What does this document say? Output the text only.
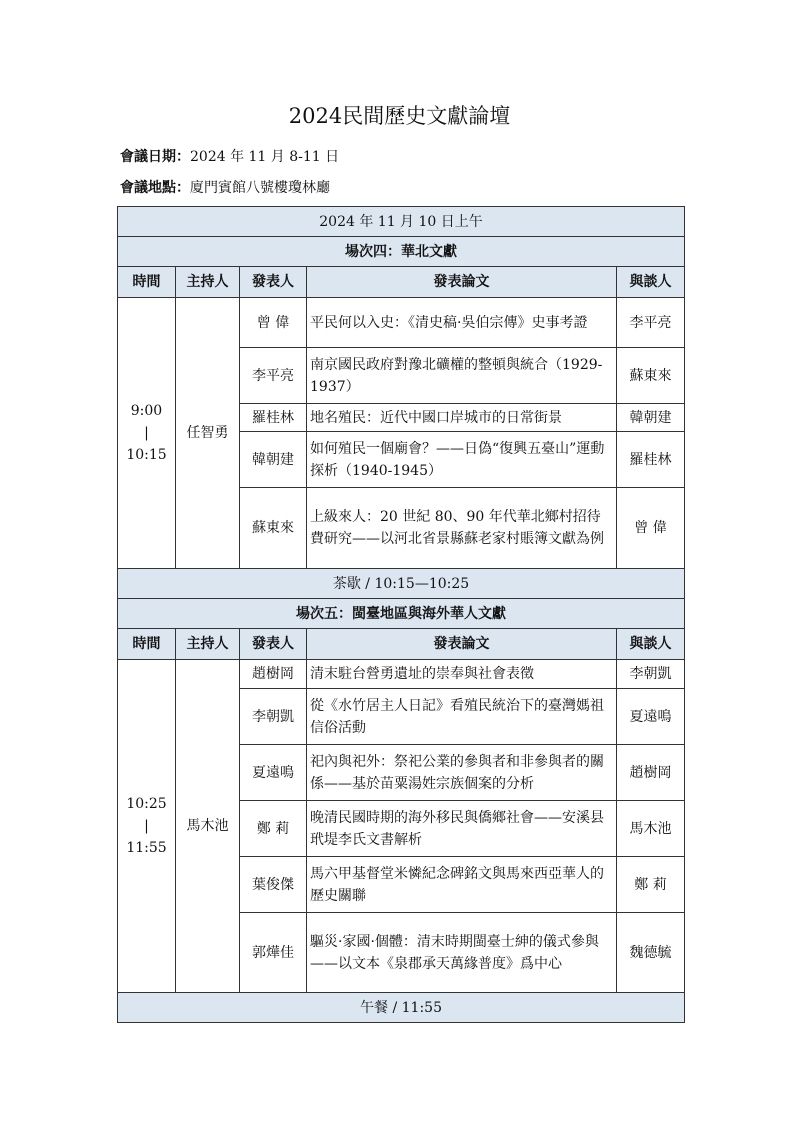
2024民間歷史文獻論壇
會議日期：2024 年 11 月 8-11 日
會議地點：廈門賓館八號樓瓊林廳
2024 年 11 月 10 日上午				
場次四：華北文獻				
時間	主持人	發表人	發表論文	與談人

9:00
|
10:15	任智勇	曾 偉	平民何以入史：《清史稿·吳伯宗傳》史事考證	李平亮
		李平亮	南京國民政府對豫北礦權的整頓與統合（1929-1937）	蘇東來
		羅桂林	地名殖民：近代中國口岸城市的日常街景	韓朝建
		韓朝建	如何殖民一個廟會？——日偽“復興五臺山”運動探析（1940-1945）	羅桂林
		蘇東來	上級來人：20 世紀 80、90 年代華北鄉村招待費研究——以河北省景縣蘇老家村賬簿文獻為例	曾 偉
茶歇 / 10:15—10:25				
場次五：閩臺地區與海外華人文獻				
時間	主持人	發表人	發表論文	與談人

10:25
|
11:55	馬木池	趙樹岡	清末駐台營勇遺址的崇奉與社會表徵	李朝凱
		李朝凱	從《水竹居主人日記》看殖民統治下的臺灣媽祖信俗活動	夏遠鳴
		夏遠鳴	祀內與祀外：祭祀公業的參與者和非參與者的關係——基於苗粟湯姓宗族個案的分析	趙樹岡
		鄭 莉	晚清民國時期的海外移民與僑鄉社會——安溪县玳堤李氏文書解析	馬木池
		葉俊傑	馬六甲基督堂米憐紀念碑銘文與馬來西亞華人的歷史關聯	鄭 莉
		郭燁佳	驅災·家國·個體：清末時期閩臺士紳的儀式參與——以文本《泉郡承天萬緣普度》爲中心	魏德毓
午餐 / 11:55				
